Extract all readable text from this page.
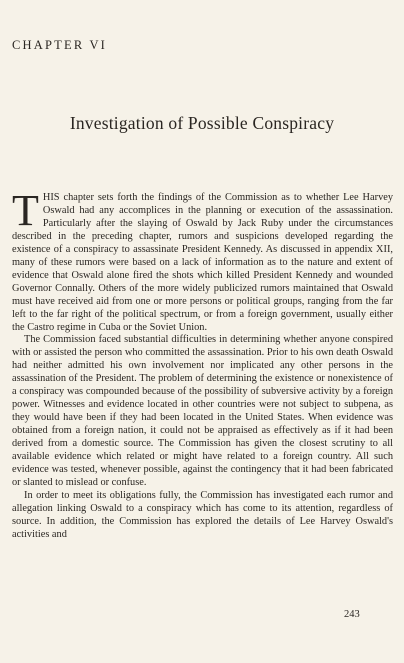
CHAPTER VI
Investigation of Possible Conspiracy

THIS chapter sets forth the findings of the Commission as to whether Lee Harvey Oswald had any accomplices in the planning or execution of the assassination. Particularly after the slaying of Oswald by Jack Ruby under the circumstances described in the preceding chapter, rumors and suspicions developed regarding the existence of a conspiracy to assassinate President Kennedy. As discussed in appendix XII, many of these rumors were based on a lack of information as to the nature and extent of evidence that Oswald alone fired the shots which killed President Kennedy and wounded Governor Connally. Others of the more widely publicized rumors maintained that Oswald must have received aid from one or more persons or political groups, ranging from the far left to the far right of the political spectrum, or from a foreign government, usually either the Castro regime in Cuba or the Soviet Union.

The Commission faced substantial difficulties in determining whether anyone conspired with or assisted the person who committed the assassination. Prior to his own death Oswald had neither admitted his own involvement nor implicated any other persons in the assassination of the President. The problem of determining the existence or nonexistence of a conspiracy was compounded because of the possibility of subversive activity by a foreign power. Witnesses and evidence located in other countries were not subject to subpena, as they would have been if they had been located in the United States. When evidence was obtained from a foreign nation, it could not be appraised as effectively as if it had been derived from a domestic source. The Commission has given the closest scrutiny to all available evidence which related or might have related to a foreign country. All such evidence was tested, whenever possible, against the contingency that it had been fabricated or slanted to mislead or confuse.

In order to meet its obligations fully, the Commission has investigated each rumor and allegation linking Oswald to a conspiracy which has come to its attention, regardless of source. In addition, the Commission has explored the details of Lee Harvey Oswald's activities and

243
